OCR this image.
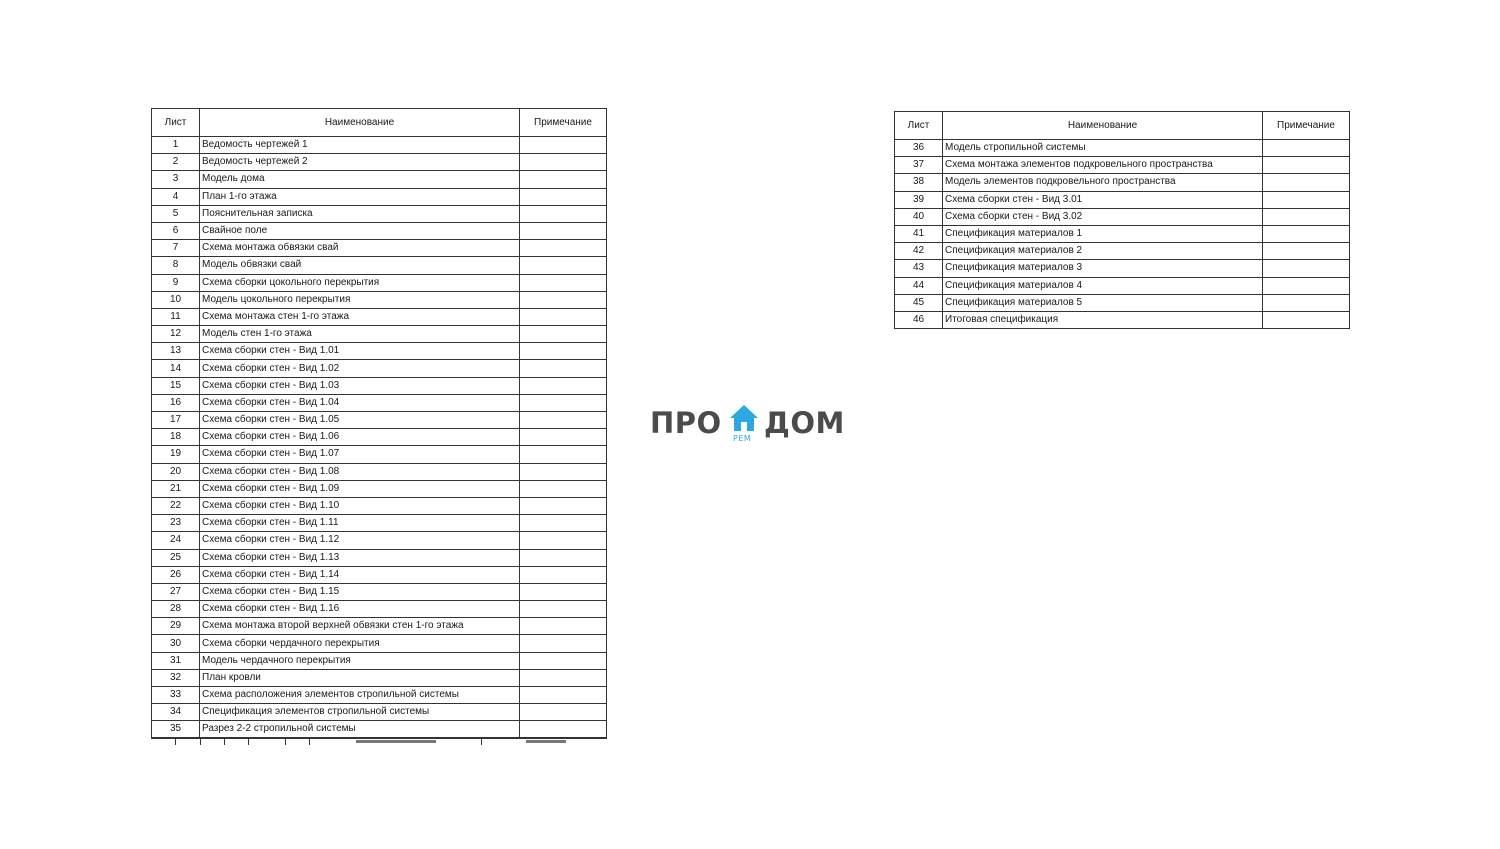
Лист	Наименование	Примечание
1	Ведомость чертежей 1	
2	Ведомость чертежей 2	
3	Модель дома	
4	План 1-го этажа	
5	Пояснительная записка	
6	Свайное поле	
7	Схема монтажа обвязки свай	
8	Модель обвязки свай	
9	Схема сборки цокольного перекрытия	
10	Модель цокольного перекрытия	
11	Схема монтажа стен 1-го этажа	
12	Модель стен 1-го этажа	
13	Схема сборки стен - Вид 1.01	
14	Схема сборки стен - Вид 1.02	
15	Схема сборки стен - Вид 1.03	
16	Схема сборки стен - Вид 1.04	
17	Схема сборки стен - Вид 1.05	
18	Схема сборки стен - Вид 1.06	
19	Схема сборки стен - Вид 1.07	
20	Схема сборки стен - Вид 1.08	
21	Схема сборки стен - Вид 1.09	
22	Схема сборки стен - Вид 1.10	
23	Схема сборки стен - Вид 1.11	
24	Схема сборки стен - Вид 1.12	
25	Схема сборки стен - Вид 1.13	
26	Схема сборки стен - Вид 1.14	
27	Схема сборки стен - Вид 1.15	
28	Схема сборки стен - Вид 1.16	
29	Схема монтажа второй верхней обвязки стен 1-го этажа	
30	Схема сборки чердачного перекрытия	
31	Модель чердачного перекрытия	
32	План кровли	
33	Схема расположения элементов стропильной системы	
34	Спецификация элементов стропильной системы	
35	Разрез 2-2 стропильной системы	
Лист	Наименование	Примечание
36	Модель стропильной системы	
37	Схема монтажа элементов подкровельного пространства	
38	Модель элементов подкровельного пространства	
39	Схема сборки стен - Вид 3.01	
40	Схема сборки стен - Вид 3.02	
41	Спецификация материалов 1	
42	Спецификация материалов 2	
43	Спецификация материалов 3	
44	Спецификация материалов 4	
45	Спецификация материалов 5	
46	Итоговая спецификация	
ПРО РЕМ ДОМ
